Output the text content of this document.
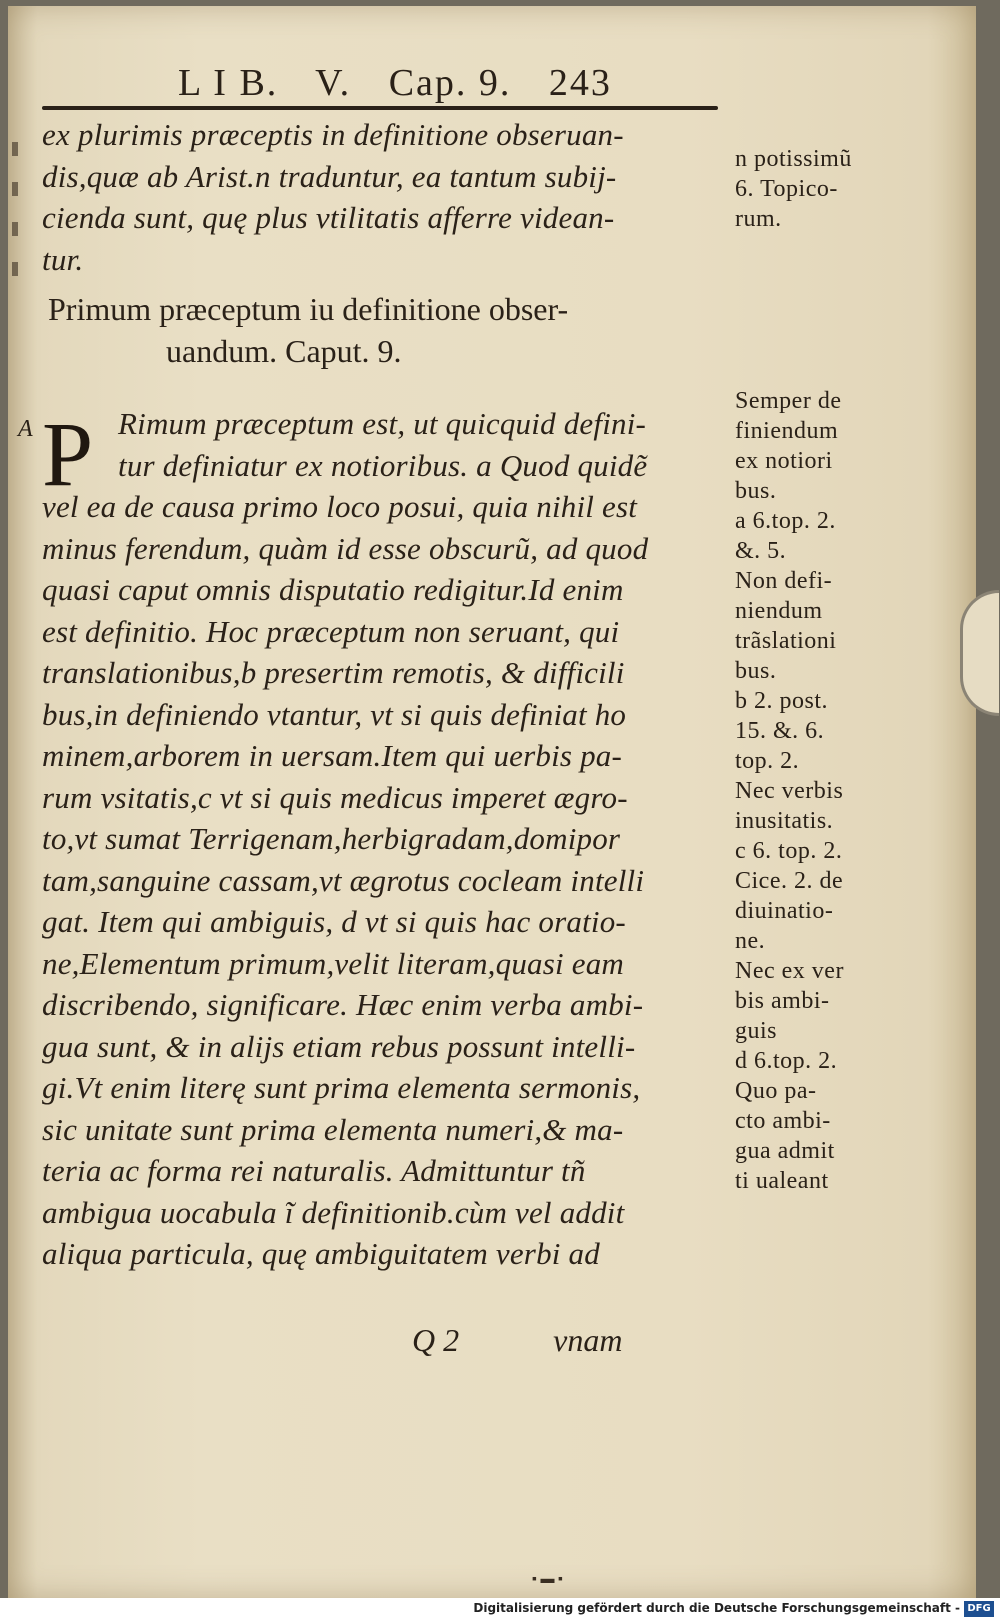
L I B. V. Cap. 9. 243
ex plurimis præceptis in definitione obseruan-
dis,quæ ab Arist.n traduntur, ea tantum subij-
cienda sunt, quę plus vtilitatis afferre videan-
tur.
n potissimũ
6. Topico-
rum.
Primum præceptum iu definitione obser-
uandum. Caput. 9.
A P Rimum præceptum est, ut quicquid defini-
tur definiatur ex notioribus. a Quod quidẽ
vel ea de causa primo loco posui, quia nihil est
minus ferendum, quàm id esse obscurũ, ad quod
quasi caput omnis disputatio redigitur.Id enim
est definitio. Hoc præceptum non seruant, qui
translationibus,b presertim remotis, & difficili
bus,in definiendo vtantur, vt si quis definiat ho
minem,arborem in uersam.Item qui uerbis pa-
rum vsitatis,c vt si quis medicus imperet ægro-
to,vt sumat Terrigenam,herbigradam,domipor
tam,sanguine cassam,vt ægrotus cocleam intelli
gat. Item qui ambiguis, d vt si quis hac oratio-
ne,Elementum primum,velit literam,quasi eam
discribendo, significare. Hæc enim verba ambi-
gua sunt, & in alijs etiam rebus possunt intelli-
gi.Vt enim literę sunt prima elementa sermonis,
sic unitate sunt prima elementa numeri,& ma-
teria ac forma rei naturalis. Admittuntur tñ
ambigua uocabula ĩ definitionib.cùm vel addit
aliqua particula, quę ambiguitatem verbi ad
Semper de
finiendum
ex notiori
bus.
a 6.top. 2.
&. 5.
Non defi-
niendum
trãslationi
bus.
b 2. post.
15. &. 6.
top. 2.
Nec verbis
inusitatis.
c 6. top. 2.
Cice. 2. de
diuinatio-
ne.
Nec ex ver
bis ambi-
guis
d 6.top. 2.
Quo pa-
cto ambi-
gua admit
ti ualeant
Q 2	vnam
▪ ▬ ▪
Digitalisierung gefördert durch die Deutsche Forschungsgemeinschaft - DFG
